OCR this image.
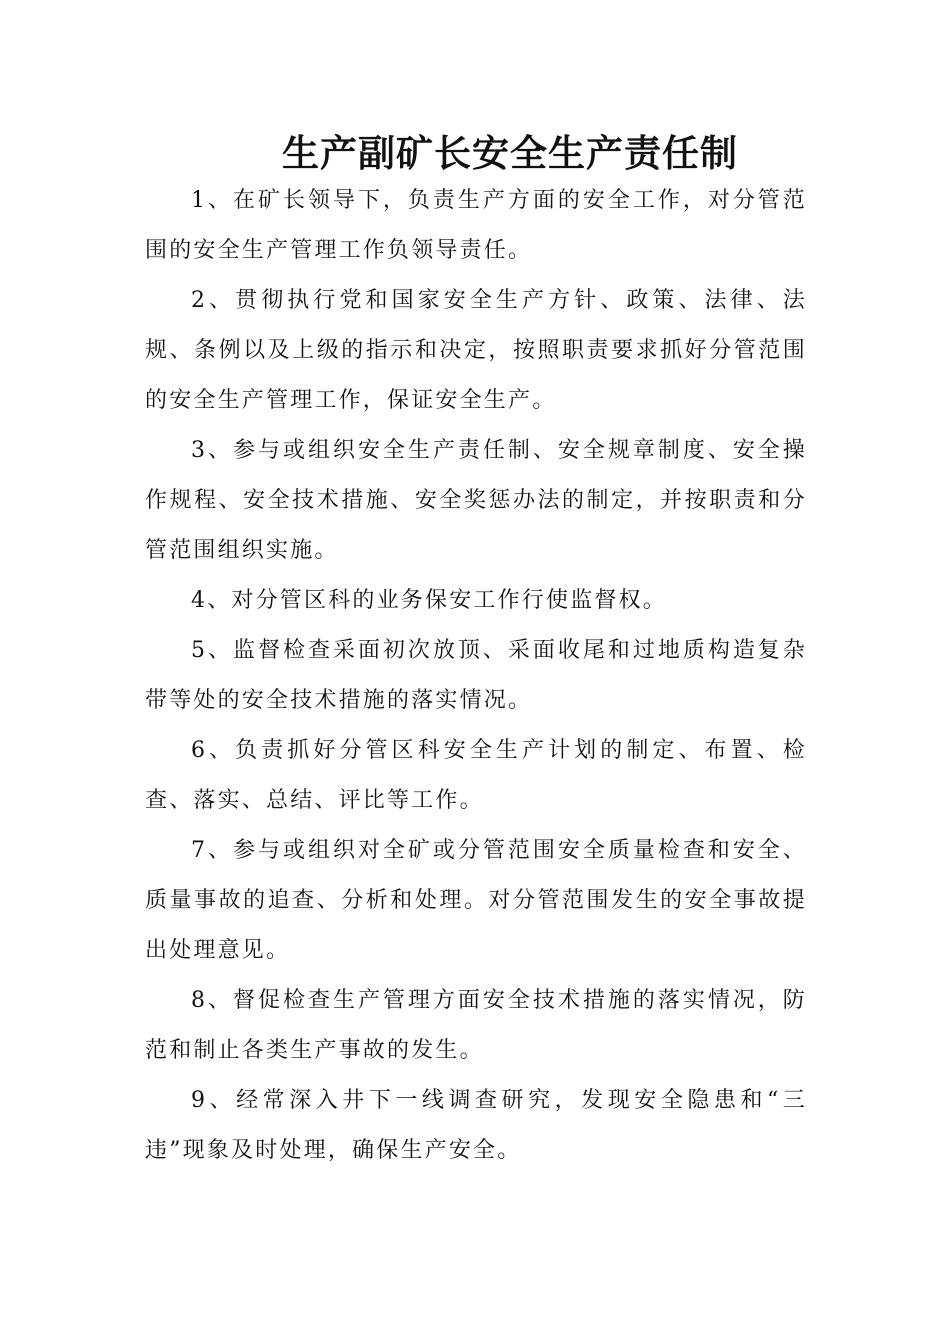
生产副矿长安全生产责任制

1、在矿长领导下，负责生产方面的安全工作，对分管范围的安全生产管理工作负领导责任。

2、贯彻执行党和国家安全生产方针、政策、法律、法规、条例以及上级的指示和决定，按照职责要求抓好分管范围的安全生产管理工作，保证安全生产。

3、参与或组织安全生产责任制、安全规章制度、安全操作规程、安全技术措施、安全奖惩办法的制定，并按职责和分管范围组织实施。

4、对分管区科的业务保安工作行使监督权。

5、监督检查采面初次放顶、采面收尾和过地质构造复杂带等处的安全技术措施的落实情况。

6、负责抓好分管区科安全生产计划的制定、布置、检查、落实、总结、评比等工作。

7、参与或组织对全矿或分管范围安全质量检查和安全、质量事故的追查、分析和处理。对分管范围发生的安全事故提出处理意见。

8、督促检查生产管理方面安全技术措施的落实情况，防范和制止各类生产事故的发生。

9、经常深入井下一线调查研究，发现安全隐患和“三违”现象及时处理，确保生产安全。
